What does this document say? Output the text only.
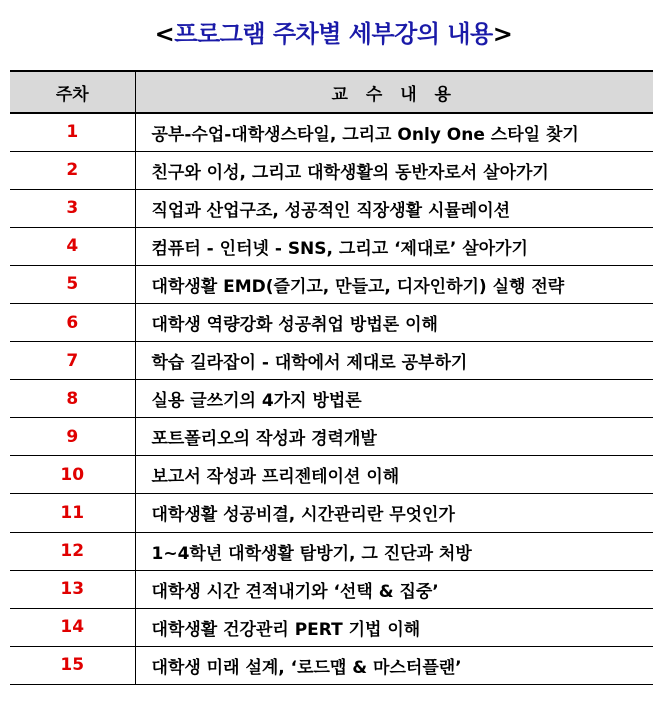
<프로그램 주차별 세부강의 내용>
주차	교 수 내 용
1	공부-수업-대학생스타일, 그리고 Only One 스타일 찾기
2	친구와 이성, 그리고 대학생활의 동반자로서 살아가기
3	직업과 산업구조, 성공적인 직장생활 시뮬레이션
4	컴퓨터 - 인터넷 - SNS, 그리고 ‘제대로’ 살아가기
5	대학생활 EMD(즐기고, 만들고, 디자인하기) 실행 전략
6	대학생 역량강화 성공취업 방법론 이해
7	학습 길라잡이 - 대학에서 제대로 공부하기
8	실용 글쓰기의 4가지 방법론
9	포트폴리오의 작성과 경력개발
10	보고서 작성과 프리젠테이션 이해
11	대학생활 성공비결, 시간관리란 무엇인가
12	1~4학년 대학생활 탐방기, 그 진단과 처방
13	대학생 시간 견적내기와 ‘선택 & 집중’
14	대학생활 건강관리 PERT 기법 이해
15	대학생 미래 설계, ‘로드맵 & 마스터플랜’
